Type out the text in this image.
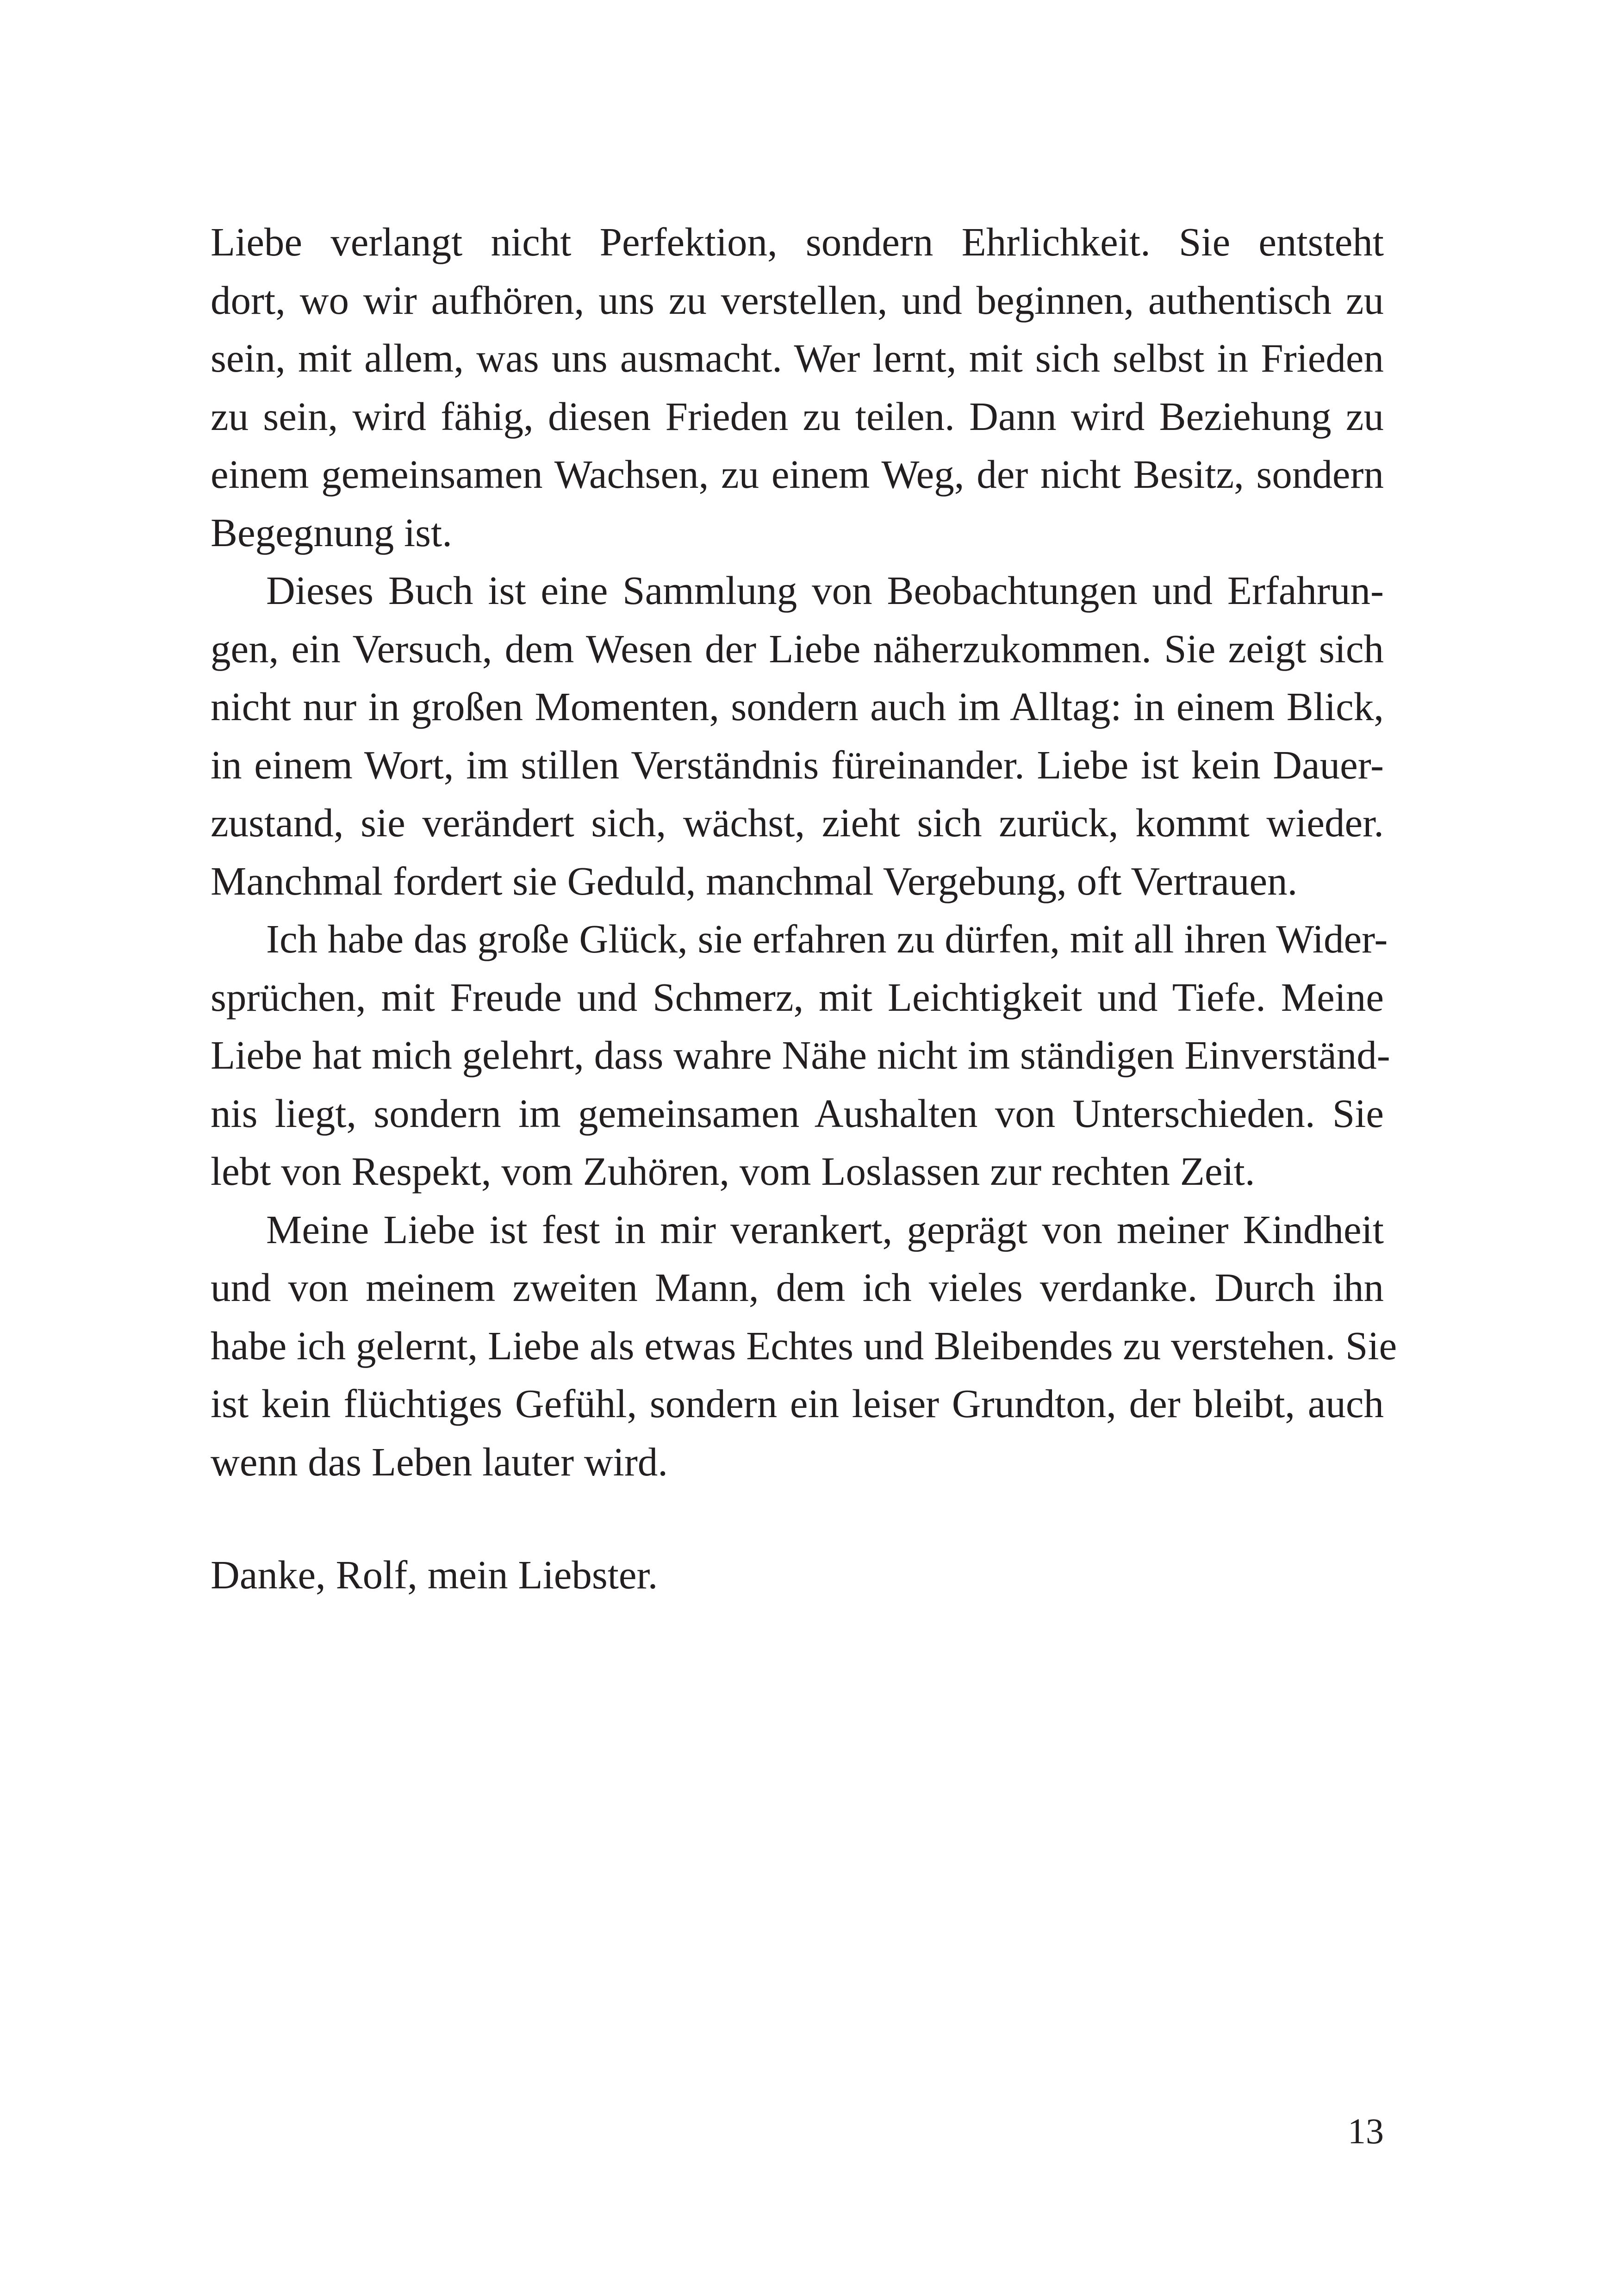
Liebe verlangt nicht Perfektion, sondern Ehrlichkeit. Sie entsteht
dort, wo wir aufhören, uns zu verstellen, und beginnen, authentisch zu
sein, mit allem, was uns ausmacht. Wer lernt, mit sich selbst in Frieden
zu sein, wird fähig, diesen Frieden zu teilen. Dann wird Beziehung zu
einem gemeinsamen Wachsen, zu einem Weg, der nicht Besitz, sondern
Begegnung ist.

Dieses Buch ist eine Sammlung von Beobachtungen und Erfahrun-
gen, ein Versuch, dem Wesen der Liebe näherzukommen. Sie zeigt sich
nicht nur in großen Momenten, sondern auch im Alltag: in einem Blick,
in einem Wort, im stillen Verständnis füreinander. Liebe ist kein Dauer-
zustand, sie verändert sich, wächst, zieht sich zurück, kommt wieder.
Manchmal fordert sie Geduld, manchmal Vergebung, oft Vertrauen.

Ich habe das große Glück, sie erfahren zu dürfen, mit all ihren Wider-
sprüchen, mit Freude und Schmerz, mit Leichtigkeit und Tiefe. Meine
Liebe hat mich gelehrt, dass wahre Nähe nicht im ständigen Einverständ-
nis liegt, sondern im gemeinsamen Aushalten von Unterschieden. Sie
lebt von Respekt, vom Zuhören, vom Loslassen zur rechten Zeit.

Meine Liebe ist fest in mir verankert, geprägt von meiner Kindheit
und von meinem zweiten Mann, dem ich vieles verdanke. Durch ihn
habe ich gelernt, Liebe als etwas Echtes und Bleibendes zu verstehen. Sie
ist kein flüchtiges Gefühl, sondern ein leiser Grundton, der bleibt, auch
wenn das Leben lauter wird.

Danke, Rolf, mein Liebster.
13
